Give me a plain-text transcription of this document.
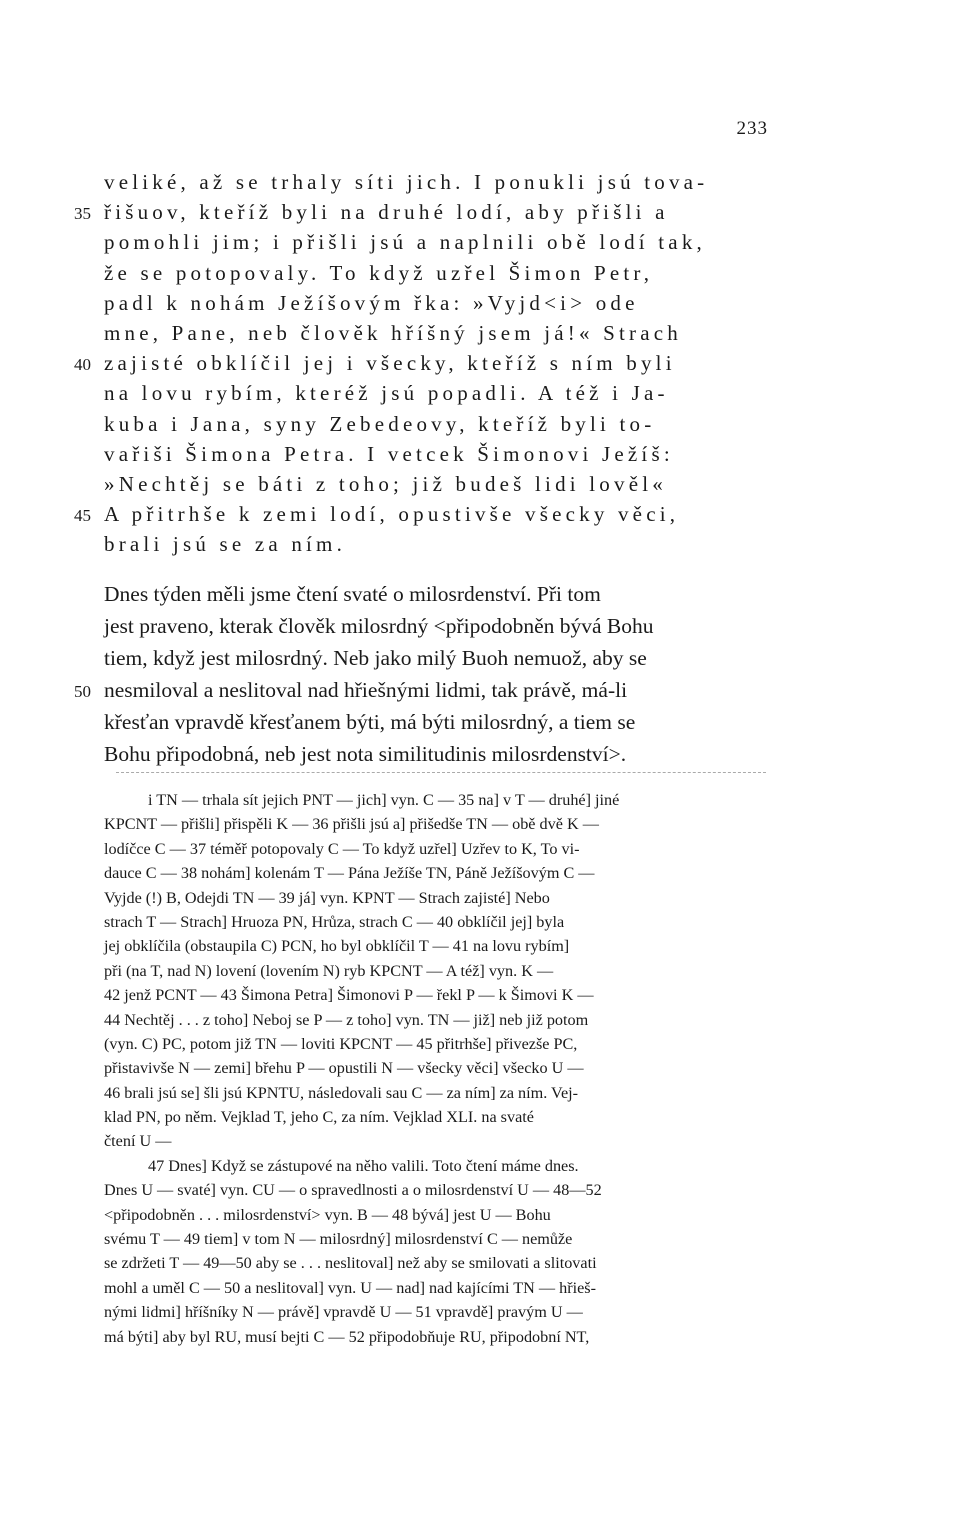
233
veliké, až se trhaly síti jich. I ponukli jsú tova-
35 řišuov, kteříž byli na druhé lodí, aby přišli a
pomohli jim; i přišli jsú a naplnili obě lodí tak,
že se potopovaly. To když uzřel Šimon Petr,
padl k nohám Ježíšovým řka: »Vyjd<i> ode
mne, Pane, neb člověk hříšný jsem já!« Strach
40 zajisté obklíčil jej i všecky, kteříž s ním byli
na lovu rybím, kteréž jsú popadli. A též i Ja-
kuba i Jana, syny Zebedeovy, kteříž byli to-
vařiši Šimona Petra. I vetcek Šimonovi Ježíš:
»Nechtěj se báti z toho; již budeš lidi lověl«
45 A přitrhše k zemi lodí, opustivše všecky věci,
brali jsú se za ním.
Dnes týden měli jsme čtení svaté o milosrdenství. Při tom
jest praveno, kterak člověk milosrdný <připodobněn bývá Bohu
tiem, když jest milosrdný. Neb jako milý Buoh nemuož, aby se
50 nesmiloval a neslitoval nad hřiešnými lidmi, tak právě, má-li
křesťan vpravdě křesťanem býti, má býti milosrdný, a tiem se
Bohu připodobná, neb jest nota similitudinis milosrdenství>.
i TN — trhala sít jejich PNT — jich] vyn. C — 35 na] v T — druhé] jiné
KPCNT — přišli] přispěli K — 36 přišli jsú a] přišedše TN — obě dvě K —
lodíčce C — 37 téměř potopovaly C — To když uzřel] Uzřev to K, To vi-
dauce C — 38 nohám] kolenám T — Pána Ježíše TN, Páně Ježíšovým C —
Vyjde (!) B, Odejdi TN — 39 já] vyn. KPNT — Strach zajisté] Nebo
strach T — Strach] Hruoza PN, Hrůza, strach C — 40 obklíčil jej] byla
jej obklíčila (obstaupila C) PCN, ho byl obklíčil T — 41 na lovu rybím]
při (na T, nad N) lovení (lovením N) ryb KPCNT — A též] vyn. K —
42 jenž PCNT — 43 Šimona Petra] Šimonovi P — řekl P — k Šimovi K —
44 Nechtěj . . . z toho] Neboj se P — z toho] vyn. TN — již] neb již potom
(vyn. C) PC, potom již TN — loviti KPCNT — 45 přitrhše] přivezše PC,
přistavivše N — zemi] břehu P — opustili N — všecky věci] všecko U —
46 brali jsú se] šli jsú KPNTU, následovali sau C — za ním] za ním. Vej-
klad PN, po něm. Vejklad T, jeho C, za ním. Vejklad XLI. na svaté
čtení U —
47 Dnes] Když se zástupové na něho valili. Toto čtení máme dnes.
Dnes U — svaté] vyn. CU — o spravedlnosti a o milosrdenství U — 48—52
<připodobněn . . . milosrdenství> vyn. B — 48 bývá] jest U — Bohu
svému T — 49 tiem] v tom N — milosrdný] milosrdenství C — nemůže
se zdržeti T — 49—50 aby se . . . neslitoval] než aby se smilovati a slitovati
mohl a uměl C — 50 a neslitoval] vyn. U — nad] nad kajícími TN — hřieš-
nými lidmi] hříšníky N — právě] vpravdě U — 51 vpravdě] pravým U —
má býti] aby byl RU, musí bejti C — 52 připodobňuje RU, připodobní NT,
